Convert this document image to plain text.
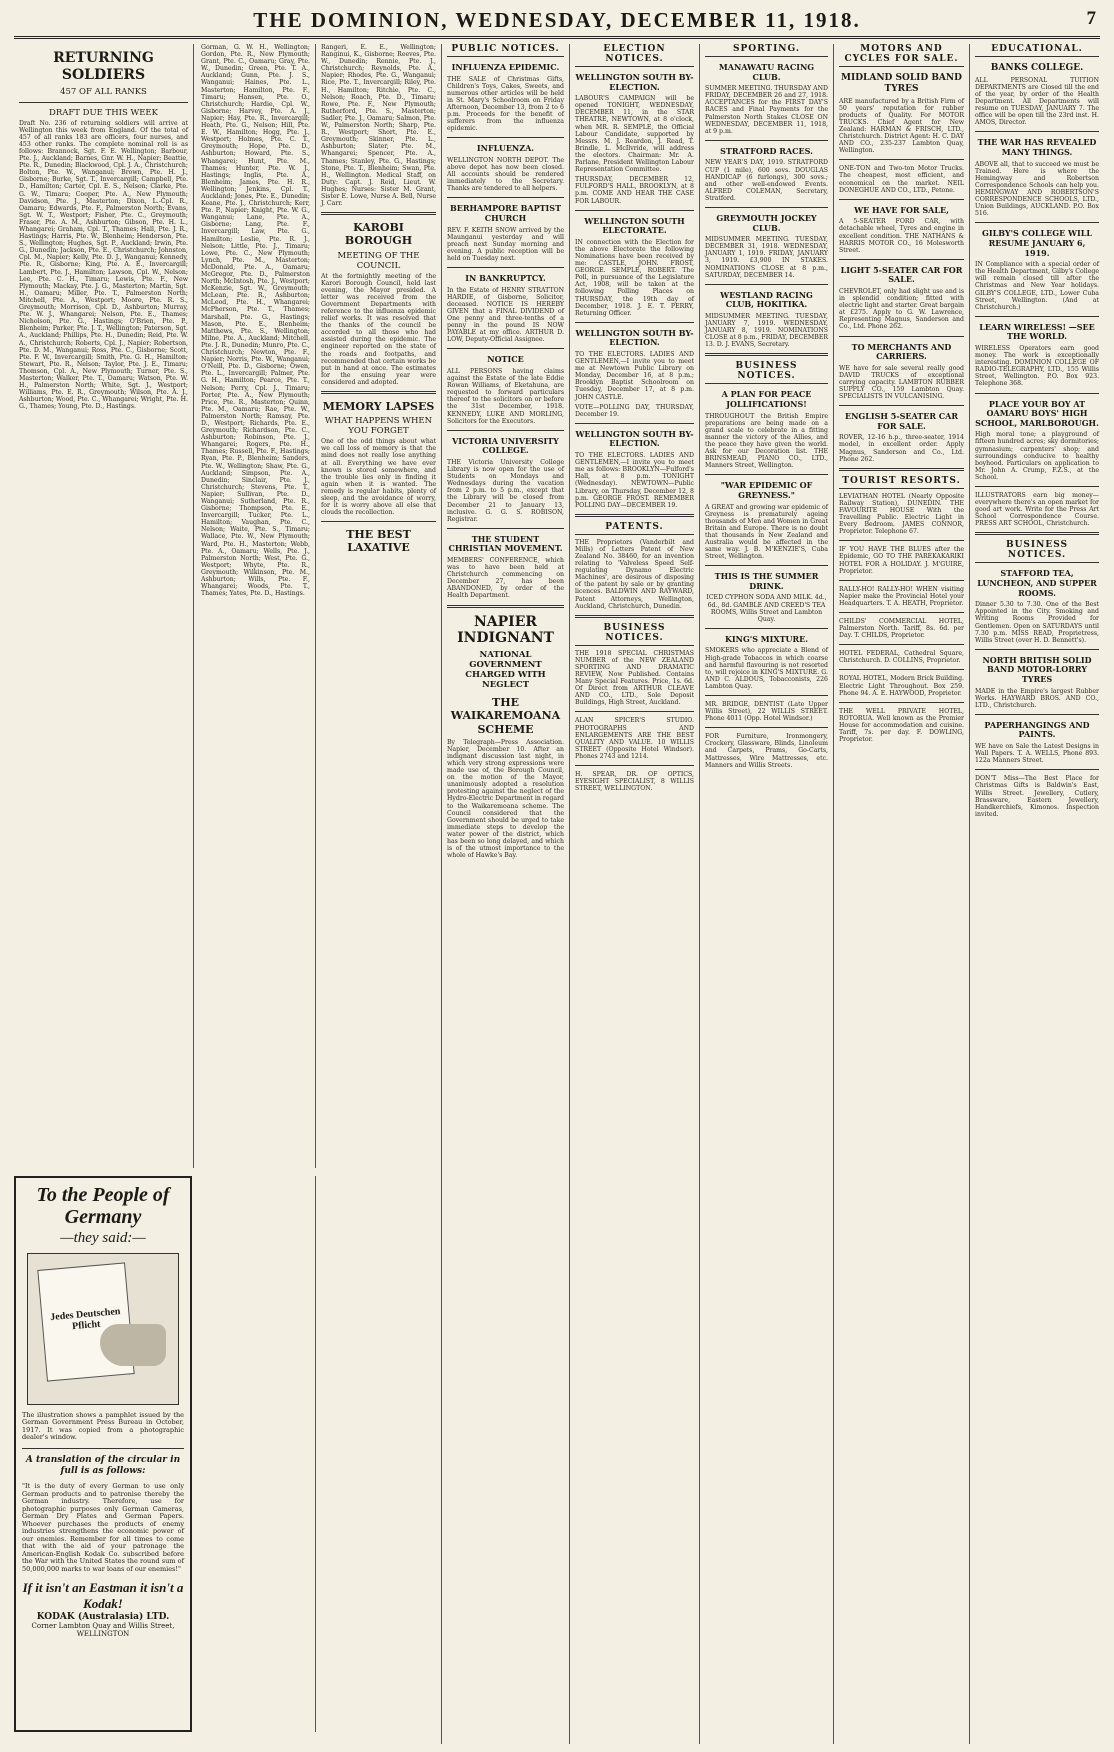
THE DOMINION, WEDNESDAY, DECEMBER 11, 1918.	7
RETURNING SOLDIERS
457 OF ALL RANKS
DRAFT DUE THIS WEEK

Draft No. 236 of returning soldiers will arrive at Wellington this week from England. Of the total of 457 of all ranks 183 are officers, four nurses, and 453 other ranks. The complete nominal roll is as follows: Brannock, Sgt. F. E. Wellington; Barbour, Pte. J., Auckland; Barnes, Gnr. W. H., Napier; Beattie, Pte. R., Dunedin; Blackwood, Cpl. J. A., Christchurch; Bolton, Pte. W., Wanganui; Brown, Pte. H. J., Gisborne; Burke, Sgt. T., Invercargill; Campbell, Pte. D., Hamilton; Carter, Cpl. E. S., Nelson; Clarke, Pte. G. W., Timaru; Cooper, Pte. A., New Plymouth; Davidson, Pte. J., Masterton; Dixon, L.-Cpl. R., Oamaru; Edwards, Pte. F., Palmerston North; Evans, Sgt. W. T., Westport; Fisher, Pte. C., Greymouth; Fraser, Pte. A. M., Ashburton; Gibson, Pte. H. L., Whangarei; Graham, Cpl. T., Thames; Hall, Pte. J. R., Hastings; Harris, Pte. W., Blenheim; Henderson, Pte. S., Wellington; Hughes, Sgt. P., Auckland; Irwin, Pte. G., Dunedin; Jackson, Pte. E., Christchurch; Johnston, Cpl. M., Napier; Kelly, Pte. D. J., Wanganui; Kennedy, Pte. R., Gisborne; King, Pte. A. E., Invercargill; Lambert, Pte. J., Hamilton; Lawson, Cpl. W., Nelson; Lee, Pte. C. H., Timaru; Lewis, Pte. F., New Plymouth; Mackay, Pte. J. G., Masterton; Martin, Sgt. H., Oamaru; Miller, Pte. T., Palmerston North; Mitchell, Pte. A., Westport; Moore, Pte. R. S., Greymouth; Morrison, Cpl. D., Ashburton; Murray, Pte. W. J., Whangarei; Nelson, Pte. E., Thames; Nicholson, Pte. G., Hastings; O'Brien, Pte. P., Blenheim; Parker, Pte. J. T., Wellington; Paterson, Sgt. A., Auckland; Phillips, Pte. H., Dunedin; Reid, Pte. W. A., Christchurch; Roberts, Cpl. J., Napier; Robertson, Pte. D. M., Wanganui; Ross, Pte. C., Gisborne; Scott, Pte. F. W., Invercargill; Smith, Pte. G. H., Hamilton; Stewart, Pte. R., Nelson; Taylor, Pte. J. E., Timaru; Thomson, Cpl. A., New Plymouth; Turner, Pte. S., Masterton; Walker, Pte. T., Oamaru; Watson, Pte. W. H., Palmerston North; White, Sgt. J., Westport; Williams, Pte. E. R., Greymouth; Wilson, Pte. A. J., Ashburton; Wood, Pte. C., Whangarei; Wright, Pte. H. G., Thames; Young, Pte. D., Hastings.

To the People of Germany
—they said:—
Jedes Deutschen Pflicht

The illustration shows a pamphlet issued by the German Government Press Bureau in October, 1917. It was copied from a photographic dealer's window.

A translation of the circular in full is as follows:

"It is the duty of every German to use only German products and to patronise thereby the German industry. Therefore, use for photographic purposes only German Cameras, German Dry Plates and German Papers. Whoever purchases the products of enemy industries strengthens the economic power of our enemies. Remember for all times to come that with the aid of your patronage the American-English Kodak Co. subscribed before the War with the United States the round sum of 50,000,000 marks to war loans of our enemies!"

If it isn't an Eastman it isn't a Kodak!
KODAK (Australasia) LTD.
Corner Lambton Quay and Willis Street, WELLINGTON

Gorman, G. W. H., Wellington; Gordon, Pte. R., New Plymouth; Grant, Pte. C., Oamaru; Gray, Pte. W., Dunedin; Green, Pte. T. A., Auckland; Gunn, Pte. J. S., Wanganui; Haines, Pte. L., Masterton; Hamilton, Pte. F., Timaru; Hansen, Pte. O., Christchurch; Hardie, Cpl. W., Gisborne; Harvey, Pte. A. J., Napier; Hay, Pte. R., Invercargill; Heath, Pte. G., Nelson; Hill, Pte. E. W., Hamilton; Hogg, Pte. J., Westport; Holmes, Pte. C. T., Greymouth; Hope, Pte. D., Ashburton; Howard, Pte. S., Whangarei; Hunt, Pte. M., Thames; Hunter, Pte. W. J., Hastings; Inglis, Pte. A., Blenheim; James, Pte. H. R., Wellington; Jenkins, Cpl. T., Auckland; Jones, Pte. E., Dunedin; Keane, Pte. J., Christchurch; Kerr, Pte. P., Napier; Knight, Pte. W. G., Wanganui; Lane, Pte. A., Gisborne; Lang, Pte. F., Invercargill; Law, Pte. G., Hamilton; Leslie, Pte. R. J., Nelson; Little, Pte. J., Timaru; Lowe, Pte. C., New Plymouth; Lynch, Pte. M., Masterton; McDonald, Pte. A., Oamaru; McGregor, Pte. D., Palmerston North; McIntosh, Pte. J., Westport; McKenzie, Sgt. W., Greymouth; McLean, Pte. R., Ashburton; McLeod, Pte. H., Whangarei; McPherson, Pte. T., Thames; Marshall, Pte. G., Hastings; Mason, Pte. E., Blenheim; Matthews, Pte. S., Wellington; Milne, Pte. A., Auckland; Mitchell, Pte. J. R., Dunedin; Munro, Pte. C., Christchurch; Newton, Pte. F., Napier; Norris, Pte. W., Wanganui; O'Neill, Pte. D., Gisborne; Owen, Pte. L., Invercargill; Palmer, Pte. G. H., Hamilton; Pearce, Pte. T., Nelson; Perry, Cpl. J., Timaru; Porter, Pte. A., New Plymouth; Price, Pte. R., Masterton; Quinn, Pte. M., Oamaru; Rae, Pte. W., Palmerston North; Ramsay, Pte. D., Westport; Richards, Pte. E., Greymouth; Richardson, Pte. C., Ashburton; Robinson, Pte. J., Whangarei; Rogers, Pte. H., Thames; Russell, Pte. F., Hastings; Ryan, Pte. P., Blenheim; Sanders, Pte. W., Wellington; Shaw, Pte. G., Auckland; Simpson, Pte. A., Dunedin; Sinclair, Pte. J., Christchurch; Stevens, Pte. T., Napier; Sullivan, Pte. D., Wanganui; Sutherland, Pte. R., Gisborne; Thompson, Pte. E., Invercargill; Tucker, Pte. L., Hamilton; Vaughan, Pte. C., Nelson; Waite, Pte. S., Timaru; Wallace, Pte. W., New Plymouth; Ward, Pte. H., Masterton; Webb, Pte. A., Oamaru; Wells, Pte. J., Palmerston North; West, Pte. G., Westport; Whyte, Pte. R., Greymouth; Wilkinson, Pte. M., Ashburton; Wills, Pte. F., Whangarei; Woods, Pte. T., Thames; Yates, Pte. D., Hastings.

Rangeri, E. E., Wellington; Ranginui, K., Gisborne; Reeves, Pte. W., Dunedin; Rennie, Pte. J., Christchurch; Reynolds, Pte. A., Napier; Rhodes, Pte. G., Wanganui; Rice, Pte. T., Invercargill; Riley, Pte. H., Hamilton; Ritchie, Pte. C., Nelson; Roach, Pte. D., Timaru; Rowe, Pte. F., New Plymouth; Rutherford, Pte. S., Masterton; Sadler, Pte. J., Oamaru; Salmon, Pte. W., Palmerston North; Sharp, Pte. R., Westport; Short, Pte. E., Greymouth; Skinner, Pte. L., Ashburton; Slater, Pte. M., Whangarei; Spencer, Pte. A., Thames; Stanley, Pte. G., Hastings; Stone, Pte. T., Blenheim; Swan, Pte. H., Wellington. Medical Staff, on Duty: Capt. J. Reid, Lieut. W. Hughes; Nurses: Sister M. Grant, Sister E. Lowe, Nurse A. Bell, Nurse J. Carr.

KAROBI BOROUGH
MEETING OF THE COUNCIL

At the fortnightly meeting of the Karori Borough Council, held last evening, the Mayor presided. A letter was received from the Government Departments with reference to the influenza epidemic relief works. It was resolved that the thanks of the council be accorded to all those who had assisted during the epidemic. The engineer reported on the state of the roads and footpaths, and recommended that certain works be put in hand at once. The estimates for the ensuing year were considered and adopted.

MEMORY LAPSES
WHAT HAPPENS WHEN YOU FORGET

One of the odd things about what we call loss of memory is that the mind does not really lose anything at all. Everything we have ever known is stored somewhere, and the trouble lies only in finding it again when it is wanted. The remedy is regular habits, plenty of sleep, and the avoidance of worry, for it is worry above all else that clouds the recollection.

THE BEST LAXATIVE
PUBLIC NOTICES.
INFLUENZA EPIDEMIC.

THE SALE of Christmas Gifts, Children's Toys, Cakes, Sweets, and numerous other articles will be held in St. Mary's Schoolroom on Friday Afternoon, December 13, from 2 to 6 p.m. Proceeds for the benefit of sufferers from the influenza epidemic.

INFLUENZA.

WELLINGTON NORTH DEPOT. The above depot has now been closed. All accounts should be rendered immediately to the Secretary. Thanks are tendered to all helpers.

BERHAMPORE BAPTIST CHURCH

REV. F. KEITH SNOW arrived by the Maunganui yesterday and will preach next Sunday morning and evening. A public reception will be held on Tuesday next.

IN BANKRUPTCY.

In the Estate of HENRY STRATTON HARDIE, of Gisborne, Solicitor, deceased. NOTICE IS HEREBY GIVEN that a FINAL DIVIDEND of One penny and three-tenths of a penny in the pound IS NOW PAYABLE at my office. ARTHUR D. LOW, Deputy-Official Assignee.

NOTICE

ALL PERSONS having claims against the Estate of the late Eddie Rowan Williams, of Eketahuna, are requested to forward particulars thereof to the solicitors on or before the 31st December, 1918. KENNEDY, LUKE AND MORLING, Solicitors for the Executors.

VICTORIA UNIVERSITY COLLEGE.

THE Victoria University College Library is now open for the use of Students on Mondays and Wednesdays during the vacation from 2 p.m. to 5 p.m., except that the Library will be closed from December 21 to January 13, inclusive. G. G. S. ROBISON, Registrar.

THE STUDENT CHRISTIAN MOVEMENT.

MEMBERS' CONFERENCE, which was to have been held at Christchurch commencing on December 27, has been ABANDONED, by order of the Health Department.

NAPIER INDIGNANT
NATIONAL GOVERNMENT CHARGED WITH NEGLECT
THE WAIKAREMOANA SCHEME

By Telegraph—Press Association. Napier, December 10. After an indignant discussion last night, in which very strong expressions were made use of, the Borough Council, on the motion of the Mayor, unanimously adopted a resolution protesting against the neglect of the Hydro-Electric Department in regard to the Waikaremoana scheme. The Council considered that the Government should be urged to take immediate steps to develop the water power of the district, which has been so long delayed, and which is of the utmost importance to the whole of Hawke's Bay.

ELECTION NOTICES.
WELLINGTON SOUTH BY-ELECTION.

LABOUR'S CAMPAIGN will be opened TONIGHT, WEDNESDAY, DECEMBER 11, in the STAR THEATRE, NEWTOWN, at 8 o'clock, when MR. R. SEMPLE, the Official Labour Candidate, supported by Messrs. M. J. Reardon, J. Read, T. Brindle, L. McIlvride, will address the electors. Chairman: Mr. A. Parlane, President Wellington Labour Representation Committee.

THURSDAY, DECEMBER 12, FULFORD'S HALL, BROOKLYN, at 8 p.m. COME AND HEAR THE CASE FOR LABOUR.

WELLINGTON SOUTH ELECTORATE.

IN connection with the Election for the above Electorate the following Nominations have been received by me: CASTLE, JOHN. FROST, GEORGE. SEMPLE, ROBERT. The Poll, in pursuance of the Legislature Act, 1908, will be taken at the following Polling Places on THURSDAY, the 19th day of December, 1918. J. E. T. PERRY, Returning Officer.

WELLINGTON SOUTH BY-ELECTION.

TO THE ELECTORS. LADIES AND GENTLEMEN,—I invite you to meet me at Newtown Public Library on Monday, December 16, at 8 p.m.; Brooklyn Baptist Schoolroom on Tuesday, December 17, at 8 p.m. JOHN CASTLE.

VOTE—POLLING DAY, THURSDAY, December 19.

WELLINGTON SOUTH BY-ELECTION.

TO THE ELECTORS. LADIES AND GENTLEMEN,—I invite you to meet me as follows: BROOKLYN—Fulford's Hall, at 8 p.m. TONIGHT (Wednesday). NEWTOWN—Public Library, on Thursday, December 12, 8 p.m. GEORGE FROST. REMEMBER POLLING DAY—DECEMBER 19.

PATENTS.

THE Proprietors (Vanderbilt and Mills) of Letters Patent of New Zealand No. 38460, for an invention relating to 'Valveless Speed Self-regulating Dynamo Electric Machines', are desirous of disposing of the patent by sale or by granting licences. BALDWIN AND RAYWARD, Patent Attorneys, Wellington, Auckland, Christchurch, Dunedin.

BUSINESS NOTICES.

THE 1918 SPECIAL CHRISTMAS NUMBER of the NEW ZEALAND SPORTING AND DRAMATIC REVIEW, Now Published. Contains Many Special Features. Price, 1s. 6d. Of Direct from ARTHUR CLEAVE AND CO., LTD., Sole Deposit Buildings, High Street, Auckland.

ALAN SPICER'S STUDIO. PHOTOGRAPHS AND ENLARGEMENTS ARE THE BEST QUALITY AND VALUE. 10 WILLIS STREET (Opposite Hotel Windsor). Phones 2743 and 1214.

H. SPEAR, DR. OF OPTICS, EYESIGHT SPECIALIST, 8 WILLIS STREET, WELLINGTON.

SPORTING.
MANAWATU RACING CLUB.

SUMMER MEETING. THURSDAY AND FRIDAY, DECEMBER 26 and 27, 1918. ACCEPTANCES for the FIRST DAY'S RACES and Final Payments for the Palmerston North Stakes CLOSE ON WEDNESDAY, DECEMBER 11, 1918, at 9 p.m.

STRATFORD RACES.

NEW YEAR'S DAY, 1919. STRATFORD CUP (1 mile), 600 sovs. DOUGLAS HANDICAP (6 furlongs), 300 sovs.; and other well-endowed Events. ALFRED COLEMAN, Secretary, Stratford.

GREYMOUTH JOCKEY CLUB.

MIDSUMMER MEETING. TUESDAY, DECEMBER 31, 1918. WEDNESDAY, JANUARY 1, 1919. FRIDAY, JANUARY 3, 1919. £3,900 IN STAKES. NOMINATIONS CLOSE at 8 p.m., SATURDAY, DECEMBER 14.

WESTLAND RACING CLUB, HOKITIKA.

MIDSUMMER MEETING. TUESDAY, JANUARY 7, 1919. WEDNESDAY, JANUARY 8, 1919. NOMINATIONS CLOSE at 8 p.m., FRIDAY, DECEMBER 13. D. J. EVANS, Secretary.

BUSINESS NOTICES.
A PLAN FOR PEACE JOLLIFICATIONS!

THROUGHOUT the British Empire preparations are being made on a grand scale to celebrate in a fitting manner the victory of the Allies, and the peace they have given the world. Ask for our Decoration list. THE BRINSMEAD, PIANO CO., LTD., Manners Street, Wellington.

"WAR EPIDEMIC OF GREYNESS."

A GREAT and growing war epidemic of Greyness is prematurely ageing thousands of Men and Women in Great Britain and Europe. There is no doubt that thousands in New Zealand and Australia would be affected in the same way. J. B. M'KENZIE'S, Cuba Street, Wellington.

THIS IS THE SUMMER DRINK.

ICED CYPHON SODA AND MILK. 4d., 6d., 8d. GAMBLE AND CREED'S TEA ROOMS, Willis Street and Lambton Quay.

KING'S MIXTURE.

SMOKERS who appreciate a Blend of High-grade Tobaccos in which coarse and harmful flavouring is not resorted to, will rejoice in KING'S MIXTURE. G. AND C. ALDOUS, Tobacconists, 226 Lambton Quay.

MR. BRIDGE, DENTIST (Late Upper Willis Street), 22 WILLIS STREET. Phone 4011 (Opp. Hotel Windsor.)

FOR Furniture, Ironmongery, Crockery, Glassware, Blinds, Linoleum and Carpets, Prams, Go-Carts, Mattresses, Wire Mattresses, etc. Manners and Willis Streets.

MOTORS AND CYCLES FOR SALE.
MIDLAND SOLID BAND TYRES

ARE manufactured by a British Firm of 50 years' reputation for rubber products of Quality. For MOTOR TRUCKS. Chief Agent for New Zealand: HARMAN & FRISCH, LTD., Christchurch. District Agent: H. C. DAY AND CO., 235-237 Lambton Quay, Wellington.

ONE-TON and Two-ton Motor Trucks. The cheapest, most efficient, and economical on the market. NEIL DONEGHUE AND CO., LTD., Petone.

WE HAVE FOR SALE,

A 5-SEATER FORD CAR, with detachable wheel, Tyres and engine in excellent condition. THE NATHANS & HARRIS MOTOR CO., 16 Molesworth Street.

LIGHT 5-SEATER CAR FOR SALE.

CHEVROLET, only had slight use and is in splendid condition; fitted with electric light and starter. Great bargain at £275. Apply to G. W. Lawrence, Representing Magnus, Sanderson and Co., Ltd. Phone 262.

TO MERCHANTS AND CARRIERS.

WE have for sale several really good DAVID TRUCKS of exceptional carrying capacity. LAMBTON RUBBER SUPPLY CO., 159 Lambton Quay. SPECIALISTS IN VULCANISING.

ENGLISH 5-SEATER CAR FOR SALE.

ROVER, 12-16 h.p., three-seater, 1914 model, in excellent order. Apply Magnus, Sanderson and Co., Ltd. Phone 262.

TOURIST RESORTS.

LEVIATHAN HOTEL (Nearly Opposite Railway Station), DUNEDIN. THE FAVOURITE HOUSE With the Travelling Public. Electric Light in Every Bedroom. JAMES CONNOR, Proprietor. Telephone 67.

IF YOU HAVE THE BLUES after the Epidemic, GO TO THE PAREKAKARIKI HOTEL FOR A HOLIDAY. J. M'GUIRE, Proprietor.

RALLY-HO! RALLY-HO! WHEN visiting Napier make the Provincial Hotel your Headquarters. T. A. HEATH, Proprietor.

CHILDS' COMMERCIAL HOTEL, Palmerston North. Tariff, 8s. 6d. per Day. T. CHILDS, Proprietor.

HOTEL FEDERAL, Cathedral Square, Christchurch. D. COLLINS, Proprietor.

ROYAL HOTEL, Modern Brick Building. Electric Light Throughout. Box 259. Phone 94. A. E. HAYWOOD, Proprietor.

THE WELL PRIVATE HOTEL, ROTORUA. Well known as the Premier House for accommodation and cuisine. Tariff, 7s. per day. F. DOWLING, Proprietor.

EDUCATIONAL.
BANKS COLLEGE.

ALL PERSONAL TUITION DEPARTMENTS are Closed till the end of the year, by order of the Health Department. All Departments will resume on TUESDAY, JANUARY 7. The office will be open till the 23rd inst. H. AMOS, Director.

THE WAR HAS REVEALED MANY THINGS.

ABOVE all, that to succeed we must be Trained. Here is where the Hemingway and Robertson Correspondence Schools can help you. HEMINGWAY AND ROBERTSON'S CORRESPONDENCE SCHOOLS, LTD., Union Buildings, AUCKLAND. P.O. Box 516.

GILBY'S COLLEGE WILL RESUME JANUARY 6, 1919.

IN Compliance with a special order of the Health Department, Gilby's College will remain closed till after the Christmas and New Year holidays. GILBY'S COLLEGE, LTD., Lower Cuba Street, Wellington. (And at Christchurch.)

LEARN WIRELESS! —SEE THE WORLD.

WIRELESS Operators earn good money. The work is exceptionally interesting. DOMINION COLLEGE OF RADIO-TELEGRAPHY, LTD., 155 Willis Street, Wellington. P.O. Box 923. Telephone 368.

PLACE YOUR BOY AT OAMARU BOYS' HIGH SCHOOL, MARLBOROUGH.

High moral tone; a playground of fifteen hundred acres; sky dormitories; gymnasium; carpenters' shop; and surroundings conducive to healthy boyhood. Particulars on application to Mr. John A. Crump, F.Z.S., at the School.

ILLUSTRATORS earn big money— everywhere there's an open market for good art work. Write for the Press Art School Correspondence Course. PRESS ART SCHOOL, Christchurch.

BUSINESS NOTICES.
STAFFORD TEA, LUNCHEON, AND SUPPER ROOMS.

Dinner 5.30 to 7.30. One of the Best Appointed in the City. Smoking and Writing Rooms Provided for Gentlemen. Open on SATURDAYS until 7.30 p.m. MISS READ, Proprietress, Willis Street (over H. D. Bennett's).

NORTH BRITISH SOLID BAND MOTOR-LORRY TYRES

MADE in the Empire's largest Rubber Works. HAYWARD BROS. AND CO., LTD., Christchurch.

PAPERHANGINGS AND PAINTS.

WE have on Sale the Latest Designs in Wall Papers. T. A. WELLS, Phone 893. 122a Manners Street.

DON'T Miss—The Best Place for Christmas Gifts is Baldwin's East, Willis Street. Jewellery, Cutlery, Brassware, Eastern Jewellery, Handkerchiefs, Kimonos. Inspection invited.
